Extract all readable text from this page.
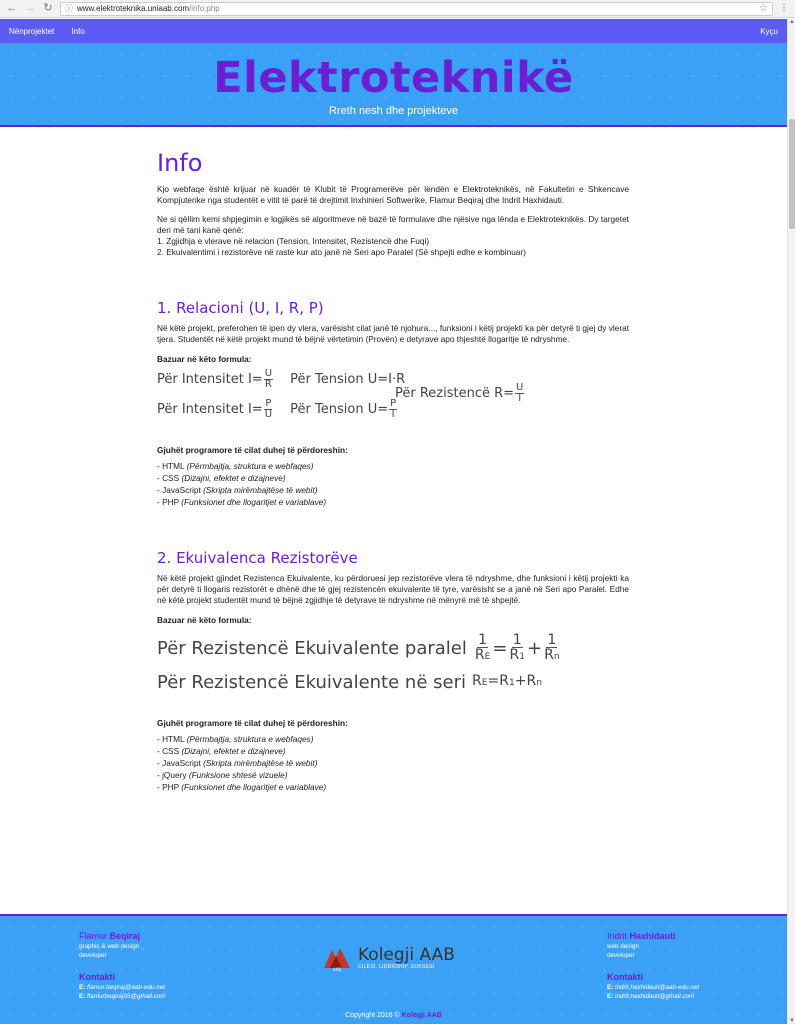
← → ↻ ⓘ www.elektroteknika.uniaab.com/info.php	☆ ⋮
Nënprojektet Info	Kyçu
Elektroteknikë
Rreth nesh dhe projekteve
Info

Kjo webfaqe është krijuar në kuadër të Klubit të Programerëve për lëndën e Elektroteknikës, në Fakultetin e Shkencave Kompjuterike nga studentët e vitit të parë të drejtimit Inxhinieri Softwerike, Flamur Beqiraj dhe Indrit Haxhidauti.

Ne si qëllim kemi shpjegimin e logjikës së algoritmeve në bazë të formulave dhe njësive nga lënda e Elektroteknikës. Dy targetet deri më tani kanë qenë:
1. Zgjidhja e vlerave në relacion (Tension, Intensitet, Rezistencë dhe Fuqi)
2. Ekuivalentimi i rezistorëve në raste kur ato janë në Seri apo Paralel (Së shpejti edhe e kombinuar)

1. Relacioni (U, I, R, P)

Në këtë projekt, preferohen të ipen dy vlera, varësisht cilat janë të njohura..., funksioni i këtij projekti ka për detyrë ti gjej dy vlerat tjera. Studentët në këtë projekt mund të bëjnë vërtetimin (Provën) e detyrave apo thjeshtë llogaritje të ndryshme.

Bazuar në këto formula:
Për Intensitet $I= \frac{U}{R}$ Për Tension U=I·R
Për Intensitet $I= \frac{P}{U}$ Për Tension $U= \frac{P}{I}$
Për Rezistencë $R= \frac{U}{I}$
Gjuhët programore të cilat duhej të përdoreshin:
- HTML (Përmbajtja, struktura e webfaqes)
- CSS (Dizajni, efektet e dizajneve)
- JavaScript (Skripta mirëmbajtëse të webit)
- PHP (Funksionet dhe llogaritjet e variablave)
2. Ekuivalenca Rezistorëve

Në këtë projekt gjindet Rezistenca Ekuivalente, ku përdoruesi jep rezistorëve vlera të ndryshme, dhe funksioni i këtij projekti ka për detyrë ti llogaris rezistorët e dhënë dhe të gjej rezistencën ekuivalente të tyre, varësisht se a janë në Seri apo Paralel. Edhe në këtë projekt studentët mund të bëjnë zgjidhje të detyrave të ndryshme në mënyrë më të shpejtë.

Bazuar në këto formula:
Për Rezistencë Ekuivalente paralel $\frac{1}{RE} = \frac{1}{R1} + \frac{1}{Rn}$
Për Rezistencë Ekuivalente në seri RE=R1+Rn
Gjuhët programore të cilat duhej të përdoreshin:
- HTML (Përmbajtja, struktura e webfaqes)
- CSS (Dizajni, efektet e dizajneve)
- JavaScript (Skripta mirëmbajtëse të webit)
- jQuery (Funksione shtesë vizuele)
- PHP (Funksionet dhe llogaritjet e variablave)
Flamur Beqiraj
graphic & web design
developer
Kontakti
E: flamur.beqiraj@aab-edu.net
E: flamurbeqiraj95@gmail.com
AAB
Kolegji AAB
CILËSI. LIDERSHIP. SUKSESI
Indrit Haxhidauti
web design
developer
Kontakti
E: indrit.haxhidauti@aab-edu.net
E: indrit.haxhidauti@gmail.com
Copyright 2016 © Kolegji AAB
▲
▼
